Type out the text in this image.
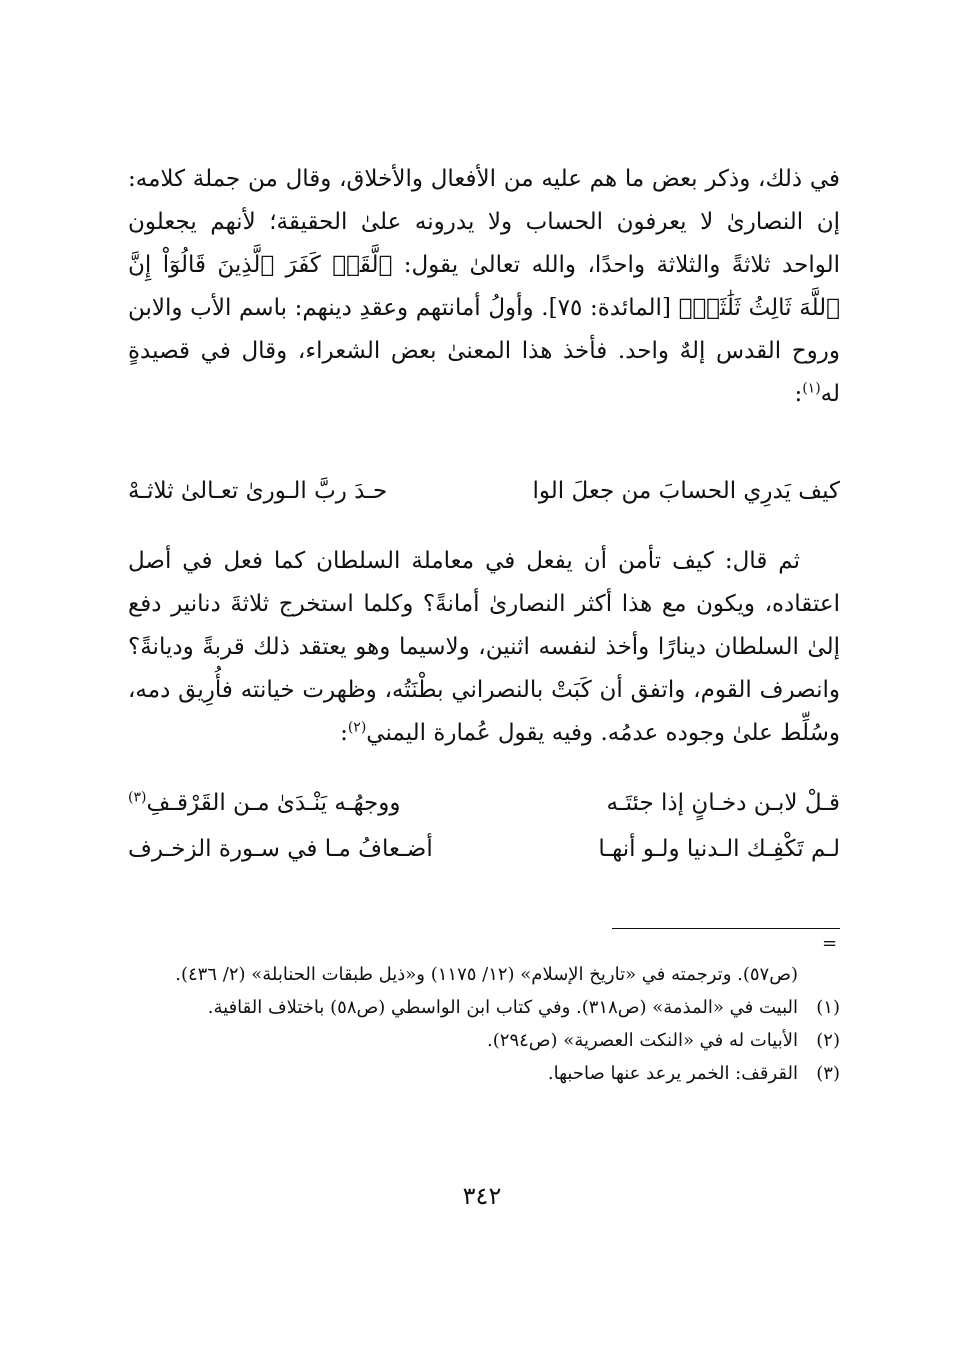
في ذلك، وذكر بعض ما هم عليه من الأفعال والأخلاق، وقال من جملة كلامه: إن النصارىٰ لا يعرفون الحساب ولا يدرونه علىٰ الحقيقة؛ لأنهم يجعلون الواحد ثلاثةً والثلاثة واحدًا، والله تعالىٰ يقول: ﴿لَّقَدۡ كَفَرَ ٱلَّذِينَ قَالُوٓاْ إِنَّ ٱللَّهَ ثَالِثُ ثَلَٰثَةٖ﴾ [المائدة: ٧٥]. وأولُ أمانتهم وعقدِ دينهم: باسم الأب والابن وروح القدس إلهٌ واحد. فأخذ هذا المعنىٰ بعض الشعراء، وقال في قصيدةٍ له$^{(١)}$:

كيف يَدرِي الحسابَ من جعلَ الوا
حـدَ ربَّ الـورىٰ تعـالىٰ ثلاثـهْ

ثم قال: كيف تأمن أن يفعل في معاملة السلطان كما فعل في أصل اعتقاده، ويكون مع هذا أكثر النصارىٰ أمانةً؟ وكلما استخرج ثلاثةَ دنانير دفع إلىٰ السلطان دينارًا وأخذ لنفسه اثنين، ولاسيما وهو يعتقد ذلك قربةً وديانةً؟ وانصرف القوم، واتفق أن كَبَتْ بالنصراني بطْنَتُه، وظهرت خيانته فأُرِيق دمه، وسُلِّط علىٰ وجوده عدمُه. وفيه يقول عُمارة اليمني$^{(٢)}$:

قـلْ لابـن دخـانٍ إذا جئتَـه
ووجهُـه يَنْـدَىٰ مـن القَرْقـفِ$^{(٣)}$
لـم تَكْفِـك الـدنيا ولـو أنهـا
أضـعافُ مـا في سـورة الزخـرف
=
(ص٥٧). وترجمته في «تاريخ الإسلام» (١٢/ ١١٧٥) و«ذيل طبقات الحنابلة» (٢/ ٤٣٦).
(١)
البيت في «المذمة» (ص٣١٨). وفي كتاب ابن الواسطي (ص٥٨) باختلاف القافية.
(٢)
الأبيات له في «النكت العصرية» (ص٢٩٤).
(٣)
القرقف: الخمر يرعد عنها صاحبها.
٣٤٢
